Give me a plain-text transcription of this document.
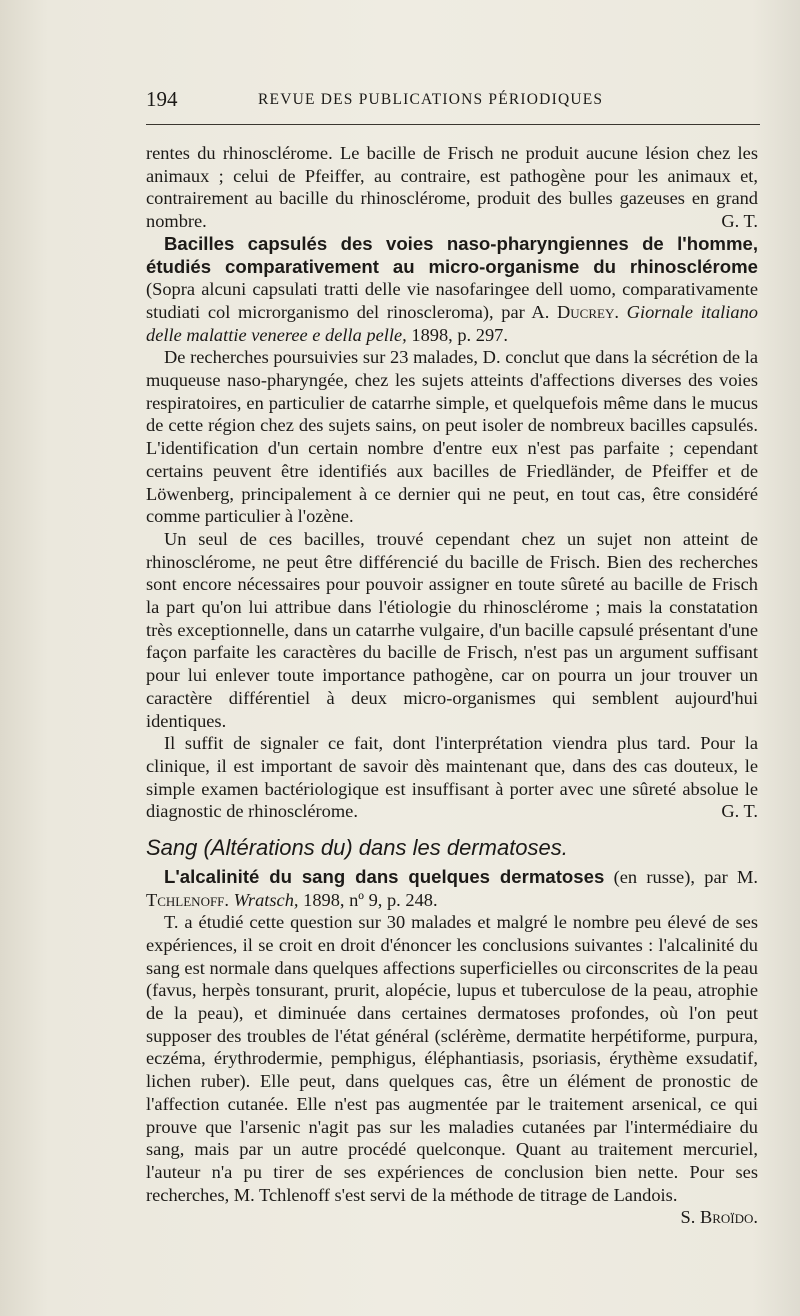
194	REVUE DES PUBLICATIONS PÉRIODIQUES

rentes du rhinosclérome. Le bacille de Frisch ne produit aucune lésion chez les animaux ; celui de Pfeiffer, au contraire, est pathogène pour les animaux et, contrairement au bacille du rhinosclérome, produit des bulles gazeuses en grand nombre.	G. T.

Bacilles capsulés des voies naso-pharyngiennes de l'homme, étudiés comparativement au micro-organisme du rhinosclérome (Sopra alcuni capsulati tratti delle vie nasofaringee dell uomo, comparativamente studiati col microrganismo del rinoscleroma), par A. Ducrey. Giornale italiano delle malattie veneree e della pelle, 1898, p. 297.

De recherches poursuivies sur 23 malades, D. conclut que dans la sécrétion de la muqueuse naso-pharyngée, chez les sujets atteints d'affections diverses des voies respiratoires, en particulier de catarrhe simple, et quelquefois même dans le mucus de cette région chez des sujets sains, on peut isoler de nombreux bacilles capsulés. L'identification d'un certain nombre d'entre eux n'est pas parfaite ; cependant certains peuvent être identifiés aux bacilles de Friedländer, de Pfeiffer et de Löwenberg, principalement à ce dernier qui ne peut, en tout cas, être considéré comme particulier à l'ozène.

Un seul de ces bacilles, trouvé cependant chez un sujet non atteint de rhinosclérome, ne peut être différencié du bacille de Frisch. Bien des recherches sont encore nécessaires pour pouvoir assigner en toute sûreté au bacille de Frisch la part qu'on lui attribue dans l'étiologie du rhinosclérome ; mais la constatation très exceptionnelle, dans un catarrhe vulgaire, d'un bacille capsulé présentant d'une façon parfaite les caractères du bacille de Frisch, n'est pas un argument suffisant pour lui enlever toute importance pathogène, car on pourra un jour trouver un caractère différentiel à deux micro-organismes qui semblent aujourd'hui identiques.

Il suffit de signaler ce fait, dont l'interprétation viendra plus tard. Pour la clinique, il est important de savoir dès maintenant que, dans des cas douteux, le simple examen bactériologique est insuffisant à porter avec une sûreté absolue le diagnostic de rhinosclérome.	G. T.

Sang (Altérations du) dans les dermatoses.

L'alcalinité du sang dans quelques dermatoses (en russe), par M. Tchlenoff. Wratsch, 1898, nº 9, p. 248.

T. a étudié cette question sur 30 malades et malgré le nombre peu élevé de ses expériences, il se croit en droit d'énoncer les conclusions suivantes : l'alcalinité du sang est normale dans quelques affections superficielles ou circonscrites de la peau (favus, herpès tonsurant, prurit, alopécie, lupus et tuberculose de la peau, atrophie de la peau), et diminuée dans certaines dermatoses profondes, où l'on peut supposer des troubles de l'état général (sclérème, dermatite herpétiforme, purpura, eczéma, érythrodermie, pemphigus, éléphantiasis, psoriasis, érythème exsudatif, lichen ruber). Elle peut, dans quelques cas, être un élément de pronostic de l'affection cutanée. Elle n'est pas augmentée par le traitement arsenical, ce qui prouve que l'arsenic n'agit pas sur les maladies cutanées par l'intermédiaire du sang, mais par un autre procédé quelconque. Quant au traitement mercuriel, l'auteur n'a pu tirer de ses expériences de conclusion bien nette. Pour ses recherches, M. Tchlenoff s'est servi de la méthode de titrage de Landois.
S. Broïdo.
